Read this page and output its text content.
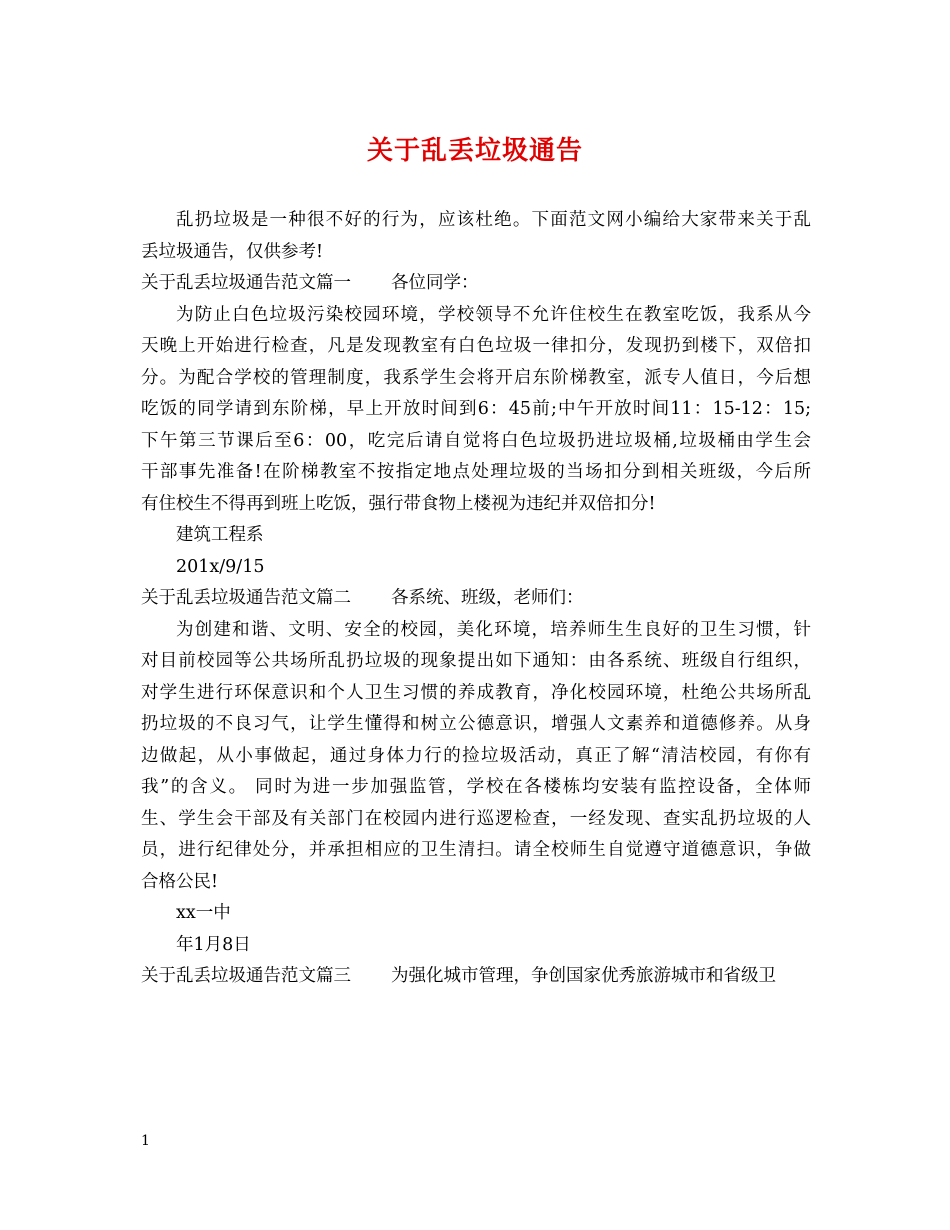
关于乱丢垃圾通告
乱扔垃圾是一种很不好的行为，应该杜绝。下面范文网小编给大家带来关于乱
丢垃圾通告，仅供参考!
关于乱丢垃圾通告范文篇一 各位同学：
为防止白色垃圾污染校园环境，学校领导不允许住校生在教室吃饭，我系从今
天晚上开始进行检查，凡是发现教室有白色垃圾一律扣分，发现扔到楼下，双倍扣
分。为配合学校的管理制度，我系学生会将开启东阶梯教室，派专人值日，今后想
吃饭的同学请到东阶梯，早上开放时间到6：45前;中午开放时间11：15-12：15;
下午第三节课后至6：00，吃完后请自觉将白色垃圾扔进垃圾桶,垃圾桶由学生会
干部事先准备!在阶梯教室不按指定地点处理垃圾的当场扣分到相关班级，今后所
有住校生不得再到班上吃饭，强行带食物上楼视为违纪并双倍扣分!
建筑工程系
201x/9/15
关于乱丢垃圾通告范文篇二 各系统、班级，老师们：
为创建和谐、文明、安全的校园，美化环境，培养师生生良好的卫生习惯，针
对目前校园等公共场所乱扔垃圾的现象提出如下通知：由各系统、班级自行组织，
对学生进行环保意识和个人卫生习惯的养成教育，净化校园环境，杜绝公共场所乱
扔垃圾的不良习气，让学生懂得和树立公德意识，增强人文素养和道德修养。从身
边做起，从小事做起，通过身体力行的捡垃圾活动，真正了解“清洁校园，有你有
我”的含义。 同时为进一步加强监管，学校在各楼栋均安装有监控设备，全体师
生、学生会干部及有关部门在校园内进行巡逻检查，一经发现、查实乱扔垃圾的人
员，进行纪律处分，并承担相应的卫生清扫。请全校师生自觉遵守道德意识，争做
合格公民!
xx一中
年1月8日
关于乱丢垃圾通告范文篇三 为强化城市管理，争创国家优秀旅游城市和省级卫
1
